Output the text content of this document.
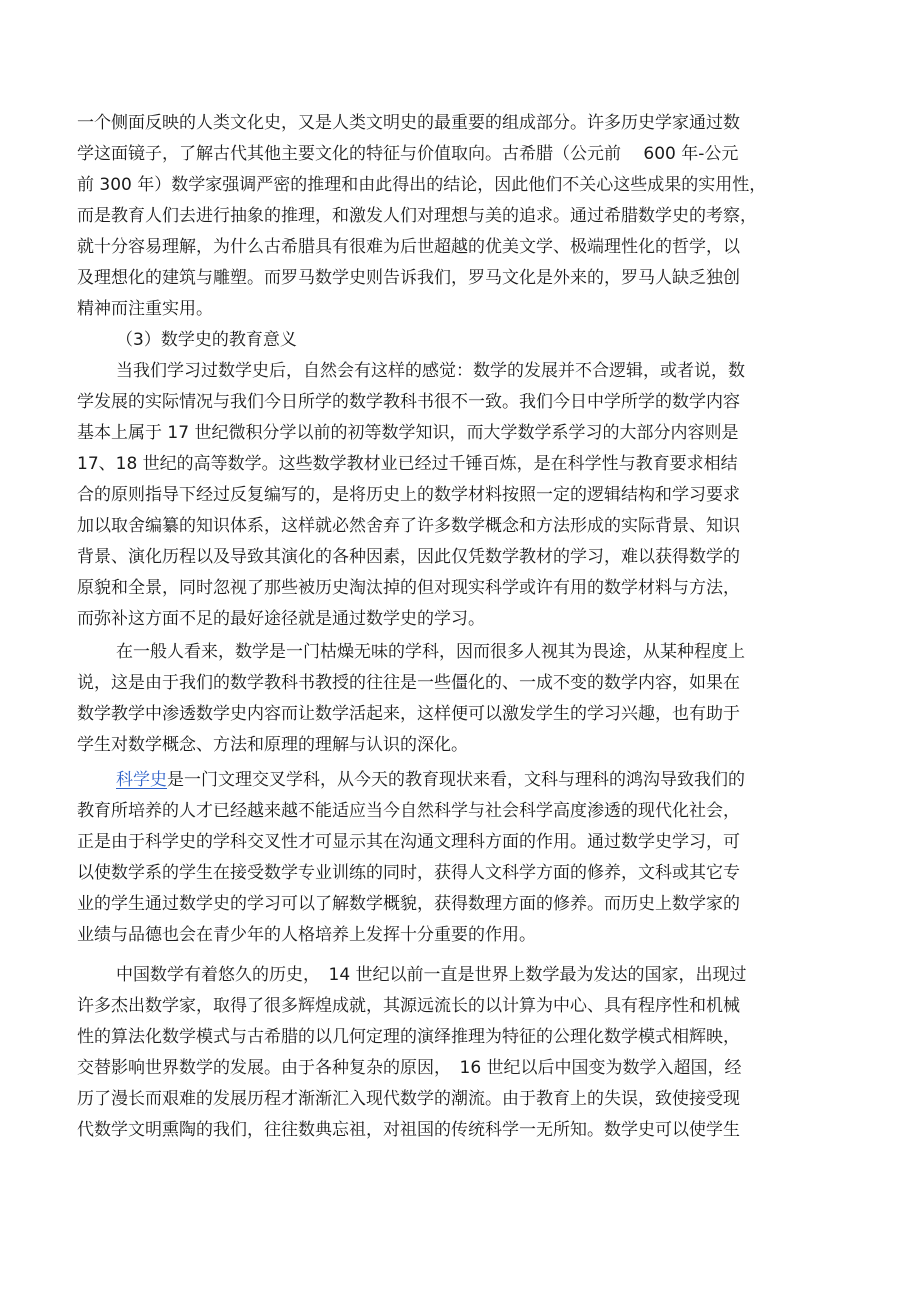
一个侧面反映的人类文化史，又是人类文明史的最重要的组成部分。许多历史学家通过数

学这面镜子，了解古代其他主要文化的特征与价值取向。古希腊（公元前　 600 年-公元

前 300 年）数学家强调严密的推理和由此得出的结论，因此他们不关心这些成果的实用性，

而是教育人们去进行抽象的推理，和激发人们对理想与美的追求。通过希腊数学史的考察，

就十分容易理解，为什么古希腊具有很难为后世超越的优美文学、极端理性化的哲学，以

及理想化的建筑与雕塑。而罗马数学史则告诉我们，罗马文化是外来的，罗马人缺乏独创

精神而注重实用。

（3）数学史的教育意义

当我们学习过数学史后，自然会有这样的感觉：数学的发展并不合逻辑，或者说，数

学发展的实际情况与我们今日所学的数学教科书很不一致。我们今日中学所学的数学内容

基本上属于 17 世纪微积分学以前的初等数学知识，而大学数学系学习的大部分内容则是

17、18 世纪的高等数学。这些数学教材业已经过千锤百炼，是在科学性与教育要求相结

合的原则指导下经过反复编写的，是将历史上的数学材料按照一定的逻辑结构和学习要求

加以取舍编纂的知识体系，这样就必然舍弃了许多数学概念和方法形成的实际背景、知识

背景、演化历程以及导致其演化的各种因素，因此仅凭数学教材的学习，难以获得数学的

原貌和全景，同时忽视了那些被历史淘汰掉的但对现实科学或许有用的数学材料与方法，

而弥补这方面不足的最好途径就是通过数学史的学习。

在一般人看来，数学是一门枯燥无味的学科，因而很多人视其为畏途，从某种程度上

说，这是由于我们的数学教科书教授的往往是一些僵化的、一成不变的数学内容，如果在

数学教学中渗透数学史内容而让数学活起来，这样便可以激发学生的学习兴趣，也有助于

学生对数学概念、方法和原理的理解与认识的深化。

科学史是一门文理交叉学科，从今天的教育现状来看，文科与理科的鸿沟导致我们的

教育所培养的人才已经越来越不能适应当今自然科学与社会科学高度渗透的现代化社会，

正是由于科学史的学科交叉性才可显示其在沟通文理科方面的作用。通过数学史学习，可

以使数学系的学生在接受数学专业训练的同时，获得人文科学方面的修养，文科或其它专

业的学生通过数学史的学习可以了解数学概貌，获得数理方面的修养。而历史上数学家的

业绩与品德也会在青少年的人格培养上发挥十分重要的作用。

中国数学有着悠久的历史，　14 世纪以前一直是世界上数学最为发达的国家，出现过

许多杰出数学家，取得了很多辉煌成就，其源远流长的以计算为中心、具有程序性和机械

性的算法化数学模式与古希腊的以几何定理的演绎推理为特征的公理化数学模式相辉映，

交替影响世界数学的发展。由于各种复杂的原因，　16 世纪以后中国变为数学入超国，经

历了漫长而艰难的发展历程才渐渐汇入现代数学的潮流。由于教育上的失误，致使接受现

代数学文明熏陶的我们，往往数典忘祖，对祖国的传统科学一无所知。数学史可以使学生
